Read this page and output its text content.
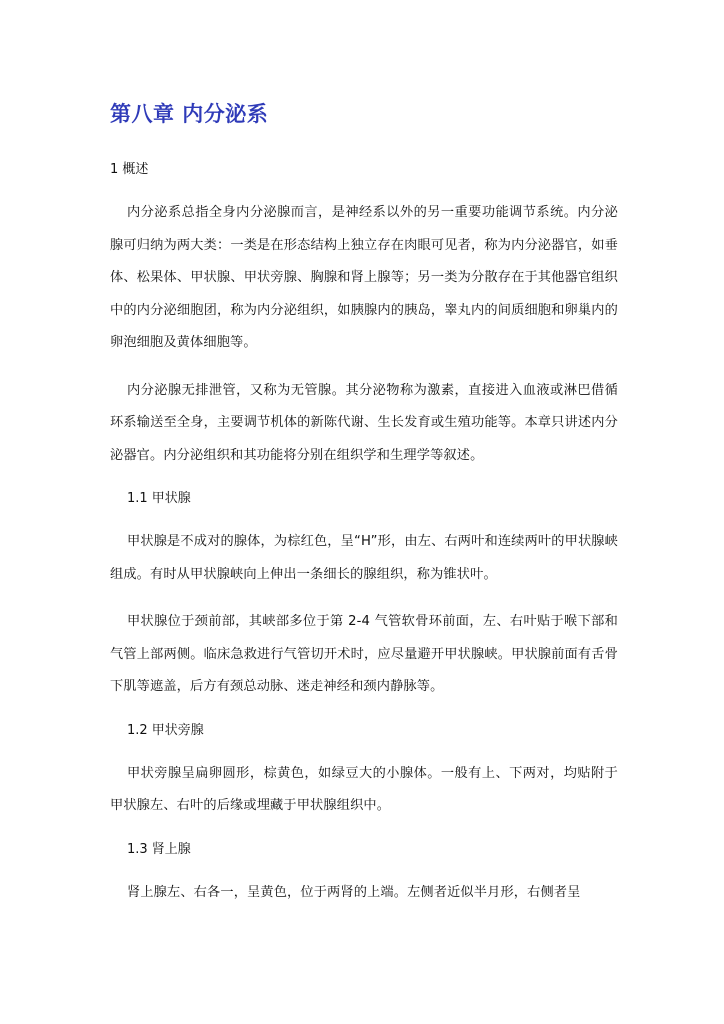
第八章 内分泌系
1 概述

内分泌系总指全身内分泌腺而言，是神经系以外的另一重要功能调节系统。内分泌腺可归纳为两大类：一类是在形态结构上独立存在肉眼可见者，称为内分泌器官，如垂体、松果体、甲状腺、甲状旁腺、胸腺和肾上腺等；另一类为分散存在于其他器官组织中的内分泌细胞团，称为内分泌组织，如胰腺内的胰岛，睾丸内的间质细胞和卵巢内的卵泡细胞及黄体细胞等。

内分泌腺无排泄管，又称为无管腺。其分泌物称为激素，直接进入血液或淋巴借循环系输送至全身，主要调节机体的新陈代谢、生长发育或生殖功能等。本章只讲述内分泌器官。内分泌组织和其功能将分别在组织学和生理学等叙述。

1.1 甲状腺

甲状腺是不成对的腺体，为棕红色，呈“H”形，由左、右两叶和连续两叶的甲状腺峡组成。有时从甲状腺峡向上伸出一条细长的腺组织，称为锥状叶。

甲状腺位于颈前部，其峡部多位于第 2-4 气管软骨环前面，左、右叶贴于喉下部和气管上部两侧。临床急救进行气管切开术时，应尽量避开甲状腺峡。甲状腺前面有舌骨下肌等遮盖，后方有颈总动脉、迷走神经和颈内静脉等。

1.2 甲状旁腺

甲状旁腺呈扁卵圆形，棕黄色，如绿豆大的小腺体。一般有上、下两对，均贴附于甲状腺左、右叶的后缘或埋藏于甲状腺组织中。

1.3 肾上腺

肾上腺左、右各一，呈黄色，位于两肾的上端。左侧者近似半月形，右侧者呈
